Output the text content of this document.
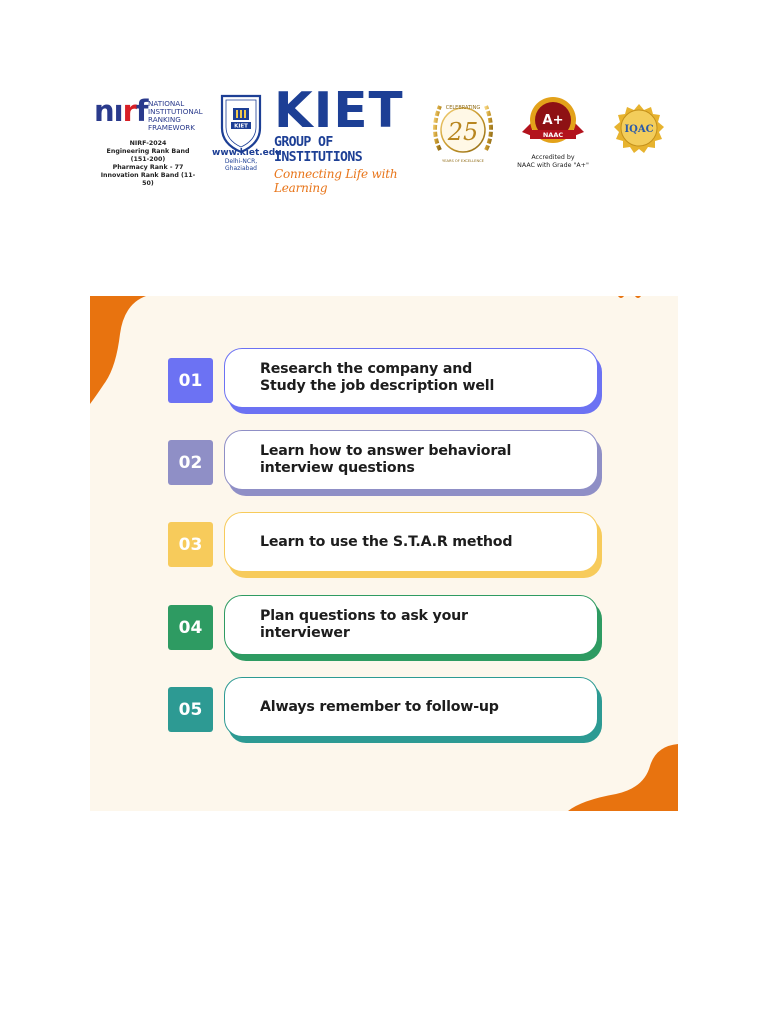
nırf NATIONAL
INSTITUTIONAL
RANKING
FRAMEWORK
NIRF-2024
Engineering Rank Band (151-200)
Pharmacy Rank - 77
Innovation Rank Band (11-50)
KIET
www.kiet.edu
Delhi-NCR, Ghaziabad
KIET
GROUP OF INSTITUTIONS
Connecting Life with Learning
CELEBRATING
25
YEARS OF EXCELLENCE
A+
NAAC
Accredited by
NAAC with Grade "A+"
IQAC
01
Research the company and
Study the job description well
02
Learn how to answer behavioral
interview questions
03	Learn to use the S.T.A.R method
04
Plan questions to ask your
interviewer
05	Always remember to follow-up
